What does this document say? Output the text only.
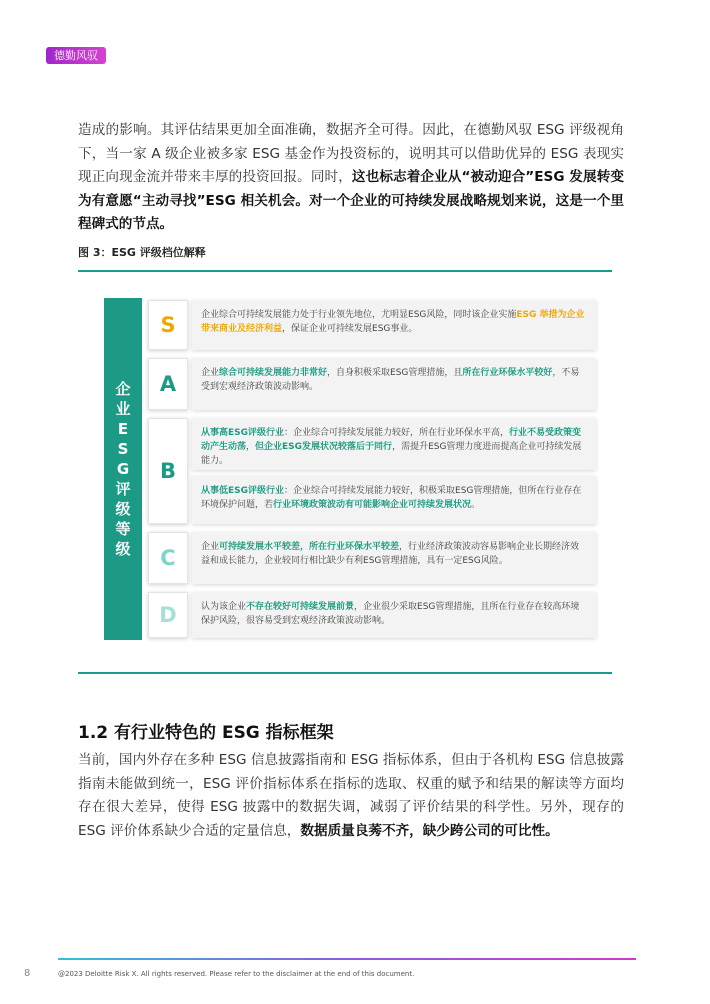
德勤风驭

造成的影响。其评估结果更加全面准确，数据齐全可得。因此，在德勤风驭 ESG 评级视角下，当一家 A 级企业被多家 ESG 基金作为投资标的，说明其可以借助优异的 ESG 表现实现正向现金流并带来丰厚的投资回报。同时，这也标志着企业从“被动迎合”ESG 发展转变为有意愿“主动寻找”ESG 相关机会。对一个企业的可持续发展战略规划来说，这是一个里程碑式的节点。

图 3：ESG 评级档位解释

企业ESG评级等级
S
A
B
C
D
企业综合可持续发展能力处于行业领先地位，尤明显ESG风险，同时该企业实施ESG 举措为企业带来商业及经济利益，保证企业可持续发展ESG事业。
企业综合可持续发展能力非常好，自身积极采取ESG管理措施，且所在行业环保水平较好，不易受到宏观经济政策波动影响。
从事高ESG评级行业：企业综合可持续发展能力较好，所在行业环保水平高，行业不易受政策变动产生动荡，但企业ESG发展状况较落后于同行，需提升ESG管理力度进而提高企业可持续发展能力。
从事低ESG评级行业：企业综合可持续发展能力较好，积极采取ESG管理措施，但所在行业存在环境保护问题，若行业环境政策波动有可能影响企业可持续发展状况。
企业可持续发展水平较差，所在行业环保水平较差，行业经济政策波动容易影响企业长期经济效益和成长能力，企业较同行相比缺少有利ESG管理措施，具有一定ESG风险。
认为该企业不存在较好可持续发展前景，企业很少采取ESG管理措施，且所在行业存在较高环境保护风险，很容易受到宏观经济政策波动影响。

1.2 有行业特色的 ESG 指标框架

当前，国内外存在多种 ESG 信息披露指南和 ESG 指标体系，但由于各机构 ESG 信息披露指南未能做到统一，ESG 评价指标体系在指标的选取、权重的赋予和结果的解读等方面均存在很大差异，使得 ESG 披露中的数据失调，减弱了评价结果的科学性。另外，现存的 ESG 评价体系缺少合适的定量信息，数据质量良莠不齐，缺少跨公司的可比性。

8	@2023 Deloitte Risk X. All rights reserved. Please refer to the disclaimer at the end of this document.
